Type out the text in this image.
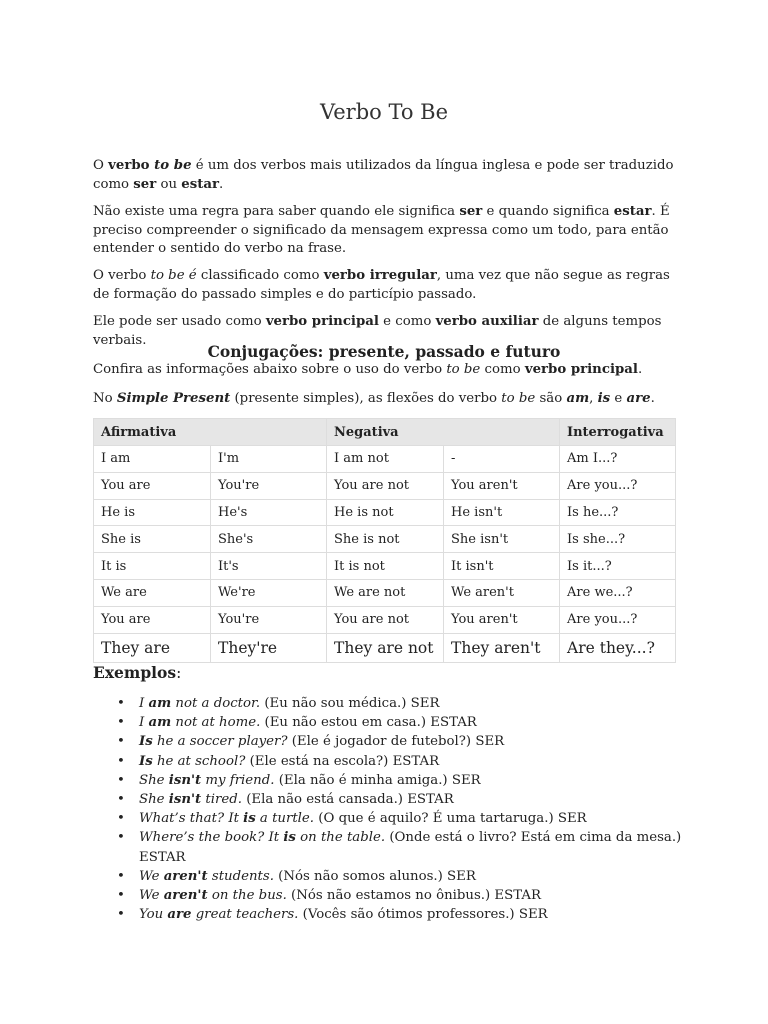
Verbo To Be

O verbo to be é um dos verbos mais utilizados da língua inglesa e pode ser traduzido como ser ou estar.

Não existe uma regra para saber quando ele significa ser e quando significa estar. É preciso compreender o significado da mensagem expressa como um todo, para então entender o sentido do verbo na frase.

O verbo to be é classificado como verbo irregular, uma vez que não segue as regras de formação do passado simples e do particípio passado.

Ele pode ser usado como verbo principal e como verbo auxiliar de alguns tempos verbais.

Conjugações: presente, passado e futuro

Confira as informações abaixo sobre o uso do verbo to be como verbo principal.

No Simple Present (presente simples), as flexões do verbo to be são am, is e are.

Afirmativa		Negativa		Interrogativa
I am	I'm	I am not	-	Am I...?
You are	You're	You are not	You aren't	Are you...?
He is	He's	He is not	He isn't	Is he...?
She is	She's	She is not	She isn't	Is she...?
It is	It's	It is not	It isn't	Is it...?
We are	We're	We are not	We aren't	Are we...?
You are	You're	You are not	You aren't	Are you...?
They are	They're	They are not	They aren't	Are they...?
Exemplos:
• I am not a doctor. (Eu não sou médica.) SER
• I am not at home. (Eu não estou em casa.) ESTAR
• Is he a soccer player? (Ele é jogador de futebol?) SER
• Is he at school? (Ele está na escola?) ESTAR
• She isn't my friend. (Ela não é minha amiga.) SER
• She isn't tired. (Ela não está cansada.) ESTAR
• What’s that? It is a turtle. (O que é aquilo? É uma tartaruga.) SER
• Where’s the book? It is on the table. (Onde está o livro? Está em cima da mesa.) ESTAR
• We aren't students. (Nós não somos alunos.) SER
• We aren't on the bus. (Nós não estamos no ônibus.) ESTAR
• You are great teachers. (Vocês são ótimos professores.) SER
